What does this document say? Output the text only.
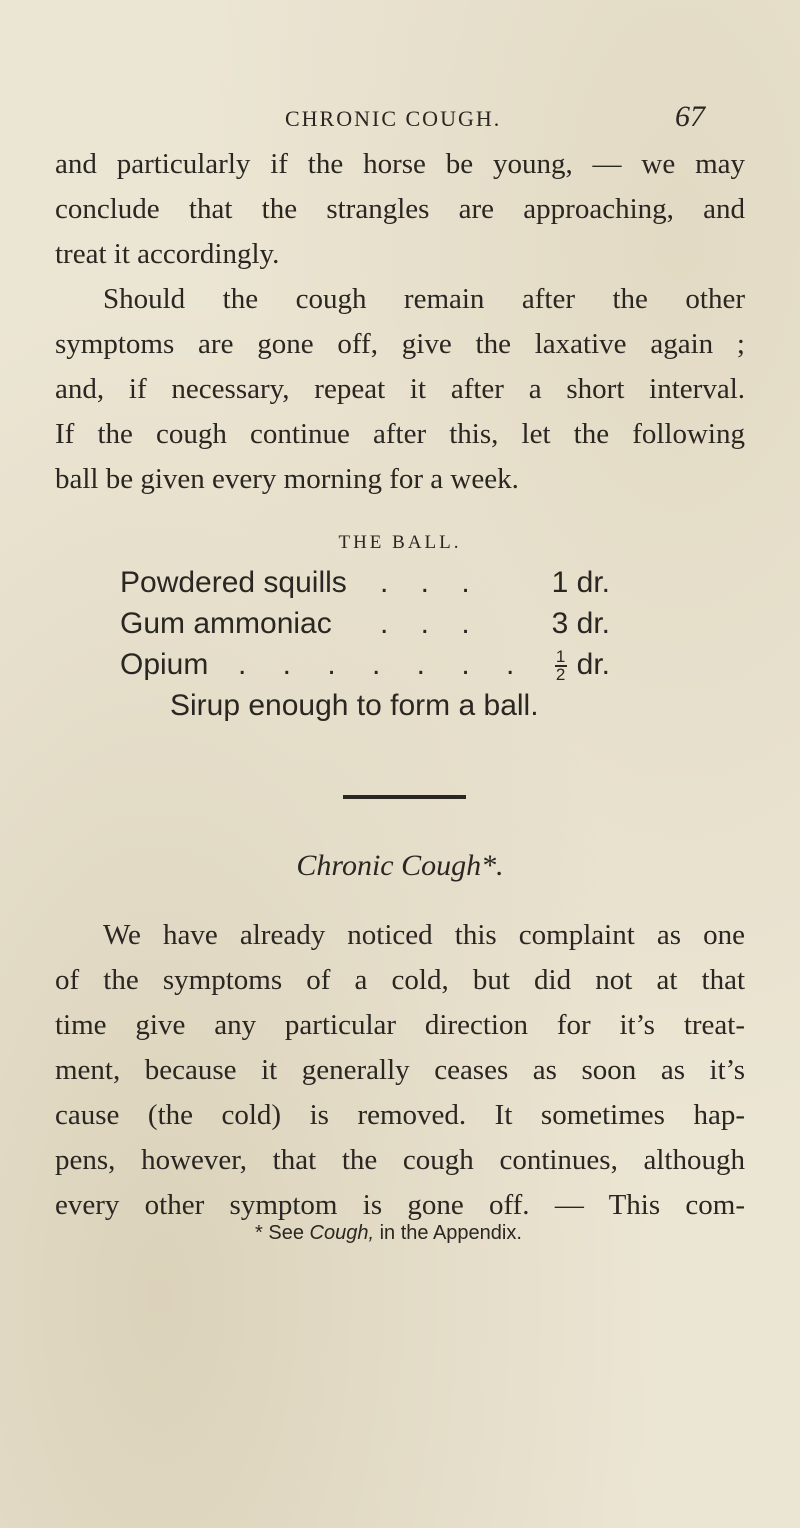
CHRONIC COUGH.	67

and particularly if the horse be young, — we may
conclude that the strangles are approaching, and
treat it accordingly.

Should the cough remain after the other
symptoms are gone off, give the laxative again ;
and, if necessary, repeat it after a short interval.
If the cough continue after this, let the following
ball be given every morning for a week.

THE BALL.
Powdered squills . . . 1 dr.
Gum ammoniac . . . 3 dr.
Opium . . . . . . . $\frac{1}{2}$ dr.
Sirup enough to form a ball.
Chronic Cough*.

We have already noticed this complaint as one
of the symptoms of a cold, but did not at that
time give any particular direction for it’s treat-
ment, because it generally ceases as soon as it’s
cause (the cold) is removed. It sometimes hap-
pens, however, that the cough continues, although
every other symptom is gone off. — This com-

* See Cough, in the Appendix.
